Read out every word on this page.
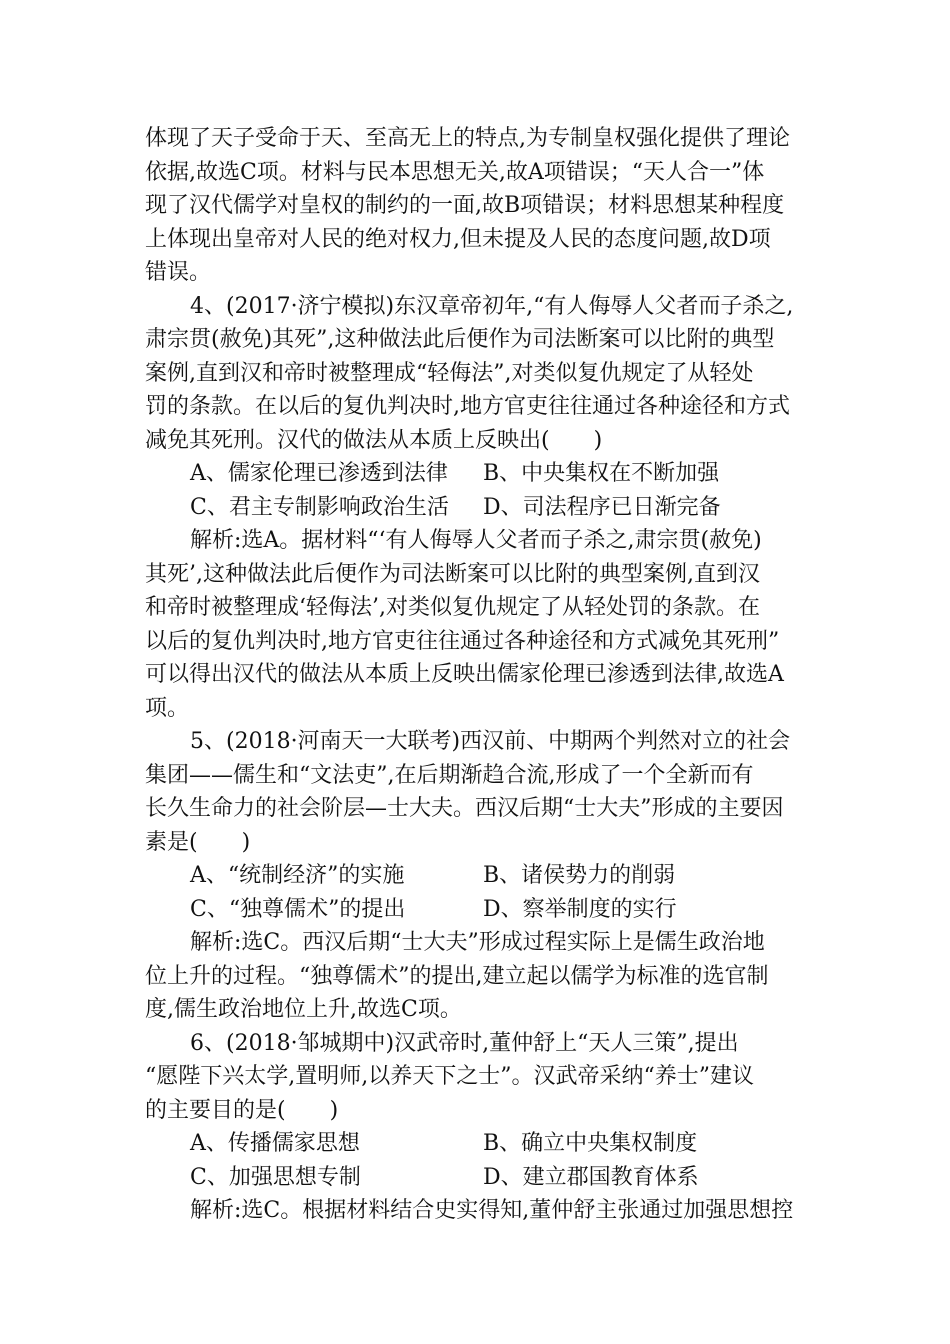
体现了天子受命于天、至高无上的特点,为专制皇权强化提供了理论
依据,故选C项。材料与民本思想无关,故A项错误；“天人合一”体
现了汉代儒学对皇权的制约的一面,故B项错误；材料思想某种程度
上体现出皇帝对人民的绝对权力,但未提及人民的态度问题,故D项
错误。
4、(2017·济宁模拟)东汉章帝初年,“有人侮辱人父者而子杀之,
肃宗贯(赦免)其死”,这种做法此后便作为司法断案可以比附的典型
案例,直到汉和帝时被整理成“轻侮法”,对类似复仇规定了从轻处
罚的条款。在以后的复仇判决时,地方官吏往往通过各种途径和方式
减免其死刑。汉代的做法从本质上反映出(　　)
A、儒家伦理已渗透到法律 B、中央集权在不断加强
C、君主专制影响政治生活 D、司法程序已日渐完备
解析:选A。据材料“‘有人侮辱人父者而子杀之,肃宗贯(赦免)
其死’,这种做法此后便作为司法断案可以比附的典型案例,直到汉
和帝时被整理成‘轻侮法’,对类似复仇规定了从轻处罚的条款。在
以后的复仇判决时,地方官吏往往通过各种途径和方式减免其死刑”
可以得出汉代的做法从本质上反映出儒家伦理已渗透到法律,故选A
项。
5、(2018·河南天一大联考)西汉前、中期两个判然对立的社会
集团——儒生和“文法吏”,在后期渐趋合流,形成了一个全新而有
长久生命力的社会阶层—士大夫。西汉后期“士大夫”形成的主要因
素是(　　)
A、“统制经济”的实施	B、诸侯势力的削弱
C、“独尊儒术”的提出	D、察举制度的实行
解析:选C。西汉后期“士大夫”形成过程实际上是儒生政治地
位上升的过程。“独尊儒术”的提出,建立起以儒学为标准的选官制
度,儒生政治地位上升,故选C项。
6、(2018·邹城期中)汉武帝时,董仲舒上“天人三策”,提出
“愿陛下兴太学,置明师,以养天下之士”。汉武帝采纳“养士”建议
的主要目的是(　　)
A、传播儒家思想	B、确立中央集权制度
C、加强思想专制	D、建立郡国教育体系
解析:选C。根据材料结合史实得知,董仲舒主张通过加强思想控
